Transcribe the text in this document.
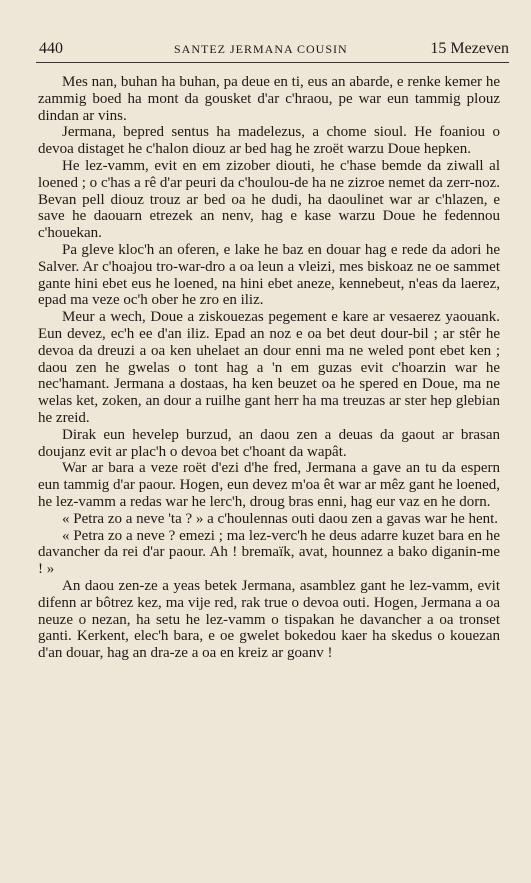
440	SANTEZ JERMANA COUSIN	15 Mezeven

Mes nan, buhan ha buhan, pa deue en ti, eus an abarde, e renke kemer he zammig boed ha mont da gousket d'ar c'hraou, pe war eun tammig plouz dindan ar vins.

Jermana, bepred sentus ha madelezus, a chome sioul. He foaniou o devoa distaget he c'halon diouz ar bed hag he zroët warzu Doue hepken.

He lez-vamm, evit en em zizober diouti, he c'hase bemde da ziwall al loened ; o c'has a rê d'ar peuri da c'houlou-de ha ne zizroe nemet da zerr-noz. Bevan pell diouz trouz ar bed oa he dudi, ha daoulinet war ar c'hlazen, e save he daouarn etrezek an nenv, hag e kase warzu Doue he fedennou c'houekan.

Pa gleve kloc'h an oferen, e lake he baz en douar hag e rede da adori he Salver. Ar c'hoajou tro-war-dro a oa leun a vleizi, mes biskoaz ne oe sammet gante hini ebet eus he loened, na hini ebet aneze, kennebeut, n'eas da laerez, epad ma veze oc'h ober he zro en iliz.

Meur a wech, Doue a ziskouezas pegement e kare ar vesaerez yaouank. Eun devez, ec'h ee d'an iliz. Epad an noz e oa bet deut dour-bil ; ar stêr he devoa da dreuzi a oa ken uhelaet an dour enni ma ne weled pont ebet ken ; daou zen he gwelas o tont hag a 'n em guzas evit c'hoarzin war he nec'hamant. Jermana a dostaas, ha ken beuzet oa he spered en Doue, ma ne welas ket, zoken, an dour a ruilhe gant herr ha ma treuzas ar ster hep glebian he zreid.

Dirak eun hevelep burzud, an daou zen a deuas da gaout ar brasan doujanz evit ar plac'h o devoa bet c'hoant da wapât.

War ar bara a veze roët d'ezi d'he fred, Jermana a gave an tu da espern eun tammig d'ar paour. Hogen, eun devez m'oa êt war ar mêz gant he loened, he lez-vamm a redas war he lerc'h, droug bras enni, hag eur vaz en he dorn.

« Petra zo a neve 'ta ? » a c'houlennas outi daou zen a gavas war he hent.

« Petra zo a neve ? emezi ; ma lez-verc'h he deus adarre kuzet bara en he davancher da rei d'ar paour. Ah ! bremaïk, avat, hounnez a bako diganin-me ! »

An daou zen-ze a yeas betek Jermana, asamblez gant he lez-vamm, evit difenn ar bôtrez kez, ma vije red, rak true o devoa outi. Hogen, Jermana a oa neuze o nezan, ha setu he lez-vamm o tispakan he davancher a oa tronset ganti. Kerkent, elec'h bara, e oe gwelet bokedou kaer ha skedus o kouezan d'an douar, hag an dra-ze a oa en kreiz ar goanv !
